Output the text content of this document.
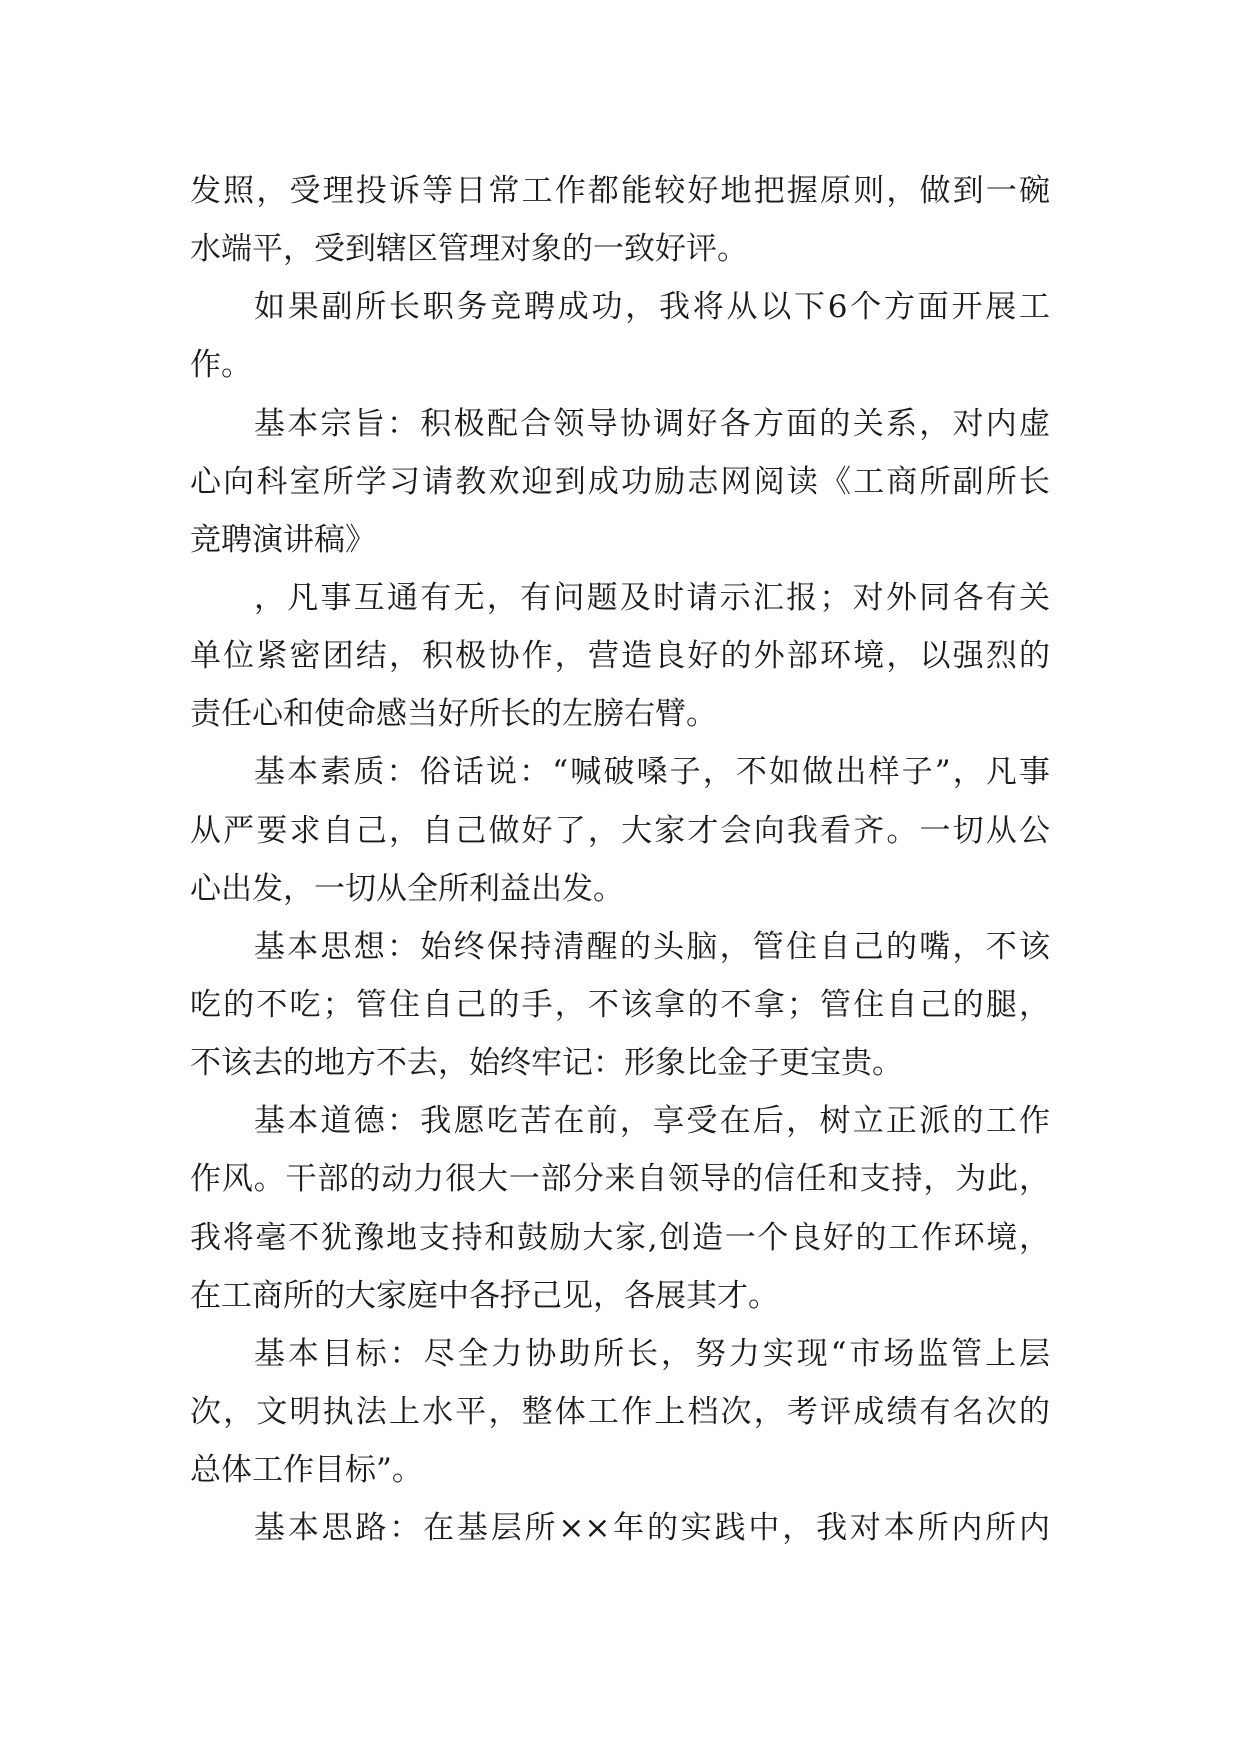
发照，受理投诉等日常工作都能较好地把握原则，做到一碗
水端平，受到辖区管理对象的一致好评。
如果副所长职务竞聘成功，我将从以下6个方面开展工
作。
基本宗旨：积极配合领导协调好各方面的关系，对内虚
心向科室所学习请教欢迎到成功励志网阅读《工商所副所长
竞聘演讲稿》
，凡事互通有无，有问题及时请示汇报；对外同各有关
单位紧密团结，积极协作，营造良好的外部环境，以强烈的
责任心和使命感当好所长的左膀右臂。
基本素质：俗话说：“喊破嗓子，不如做出样子”，凡事
从严要求自己，自己做好了，大家才会向我看齐。一切从公
心出发，一切从全所利益出发。
基本思想：始终保持清醒的头脑，管住自己的嘴，不该
吃的不吃；管住自己的手，不该拿的不拿；管住自己的腿，
不该去的地方不去，始终牢记：形象比金子更宝贵。
基本道德：我愿吃苦在前，享受在后，树立正派的工作
作风。干部的动力很大一部分来自领导的信任和支持，为此，
我将毫不犹豫地支持和鼓励大家,创造一个良好的工作环境，
在工商所的大家庭中各抒己见，各展其才。
基本目标：尽全力协助所长，努力实现“市场监管上层
次，文明执法上水平，整体工作上档次，考评成绩有名次的
总体工作目标”。
基本思路：在基层所××年的实践中，我对本所内所内
